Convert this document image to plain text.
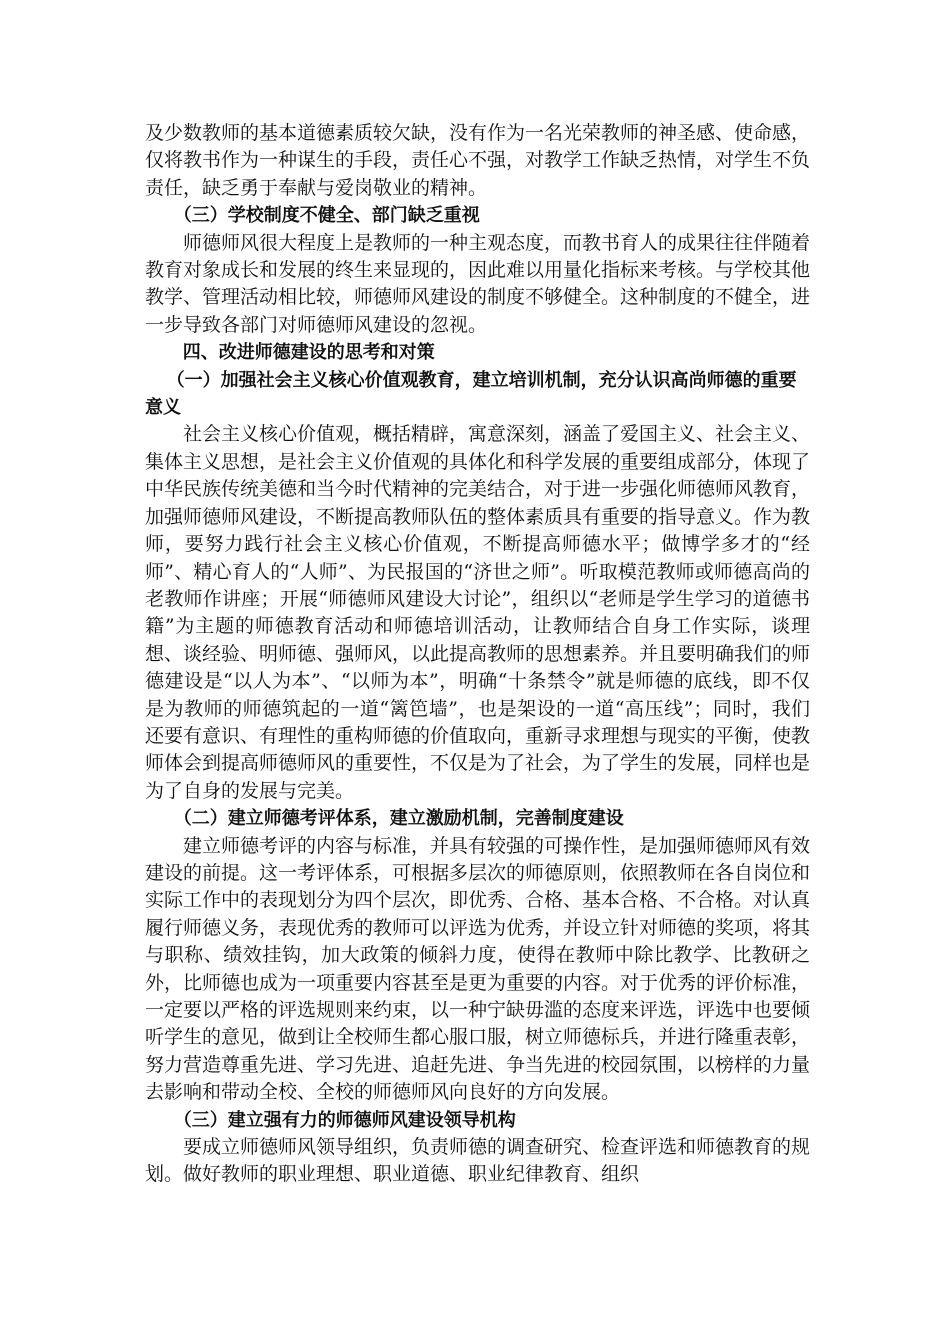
及少数教师的基本道德素质较欠缺，没有作为一名光荣教师的神圣感、使命感，仅将教书作为一种谋生的手段，责任心不强，对教学工作缺乏热情，对学生不负责任，缺乏勇于奉献与爱岗敬业的精神。

（三）学校制度不健全、部门缺乏重视

师德师风很大程度上是教师的一种主观态度，而教书育人的成果往往伴随着教育对象成长和发展的终生来显现的，因此难以用量化指标来考核。与学校其他教学、管理活动相比较，师德师风建设的制度不够健全。这种制度的不健全，进一步导致各部门对师德师风建设的忽视。

四、改进师德建设的思考和对策

（一）加强社会主义核心价值观教育，建立培训机制，充分认识高尚师德的重要意义

社会主义核心价值观，概括精辟，寓意深刻，涵盖了爱国主义、社会主义、集体主义思想，是社会主义价值观的具体化和科学发展的重要组成部分，体现了中华民族传统美德和当今时代精神的完美结合，对于进一步强化师德师风教育，加强师德师风建设，不断提高教师队伍的整体素质具有重要的指导意义。作为教师，要努力践行社会主义核心价值观，不断提高师德水平；做博学多才的“经师”、精心育人的“人师”、为民报国的“济世之师”。听取模范教师或师德高尚的老教师作讲座；开展“师德师风建设大讨论”，组织以“老师是学生学习的道德书籍”为主题的师德教育活动和师德培训活动，让教师结合自身工作实际，谈理想、谈经验、明师德、强师风，以此提高教师的思想素养。并且要明确我们的师德建设是“以人为本”、“以师为本”，明确“十条禁令”就是师德的底线，即不仅是为教师的师德筑起的一道“篱笆墙”，也是架设的一道“高压线”；同时，我们还要有意识、有理性的重构师德的价值取向，重新寻求理想与现实的平衡，使教师体会到提高师德师风的重要性，不仅是为了社会，为了学生的发展，同样也是为了自身的发展与完美。

（二）建立师德考评体系，建立激励机制，完善制度建设

建立师德考评的内容与标准，并具有较强的可操作性，是加强师德师风有效建设的前提。这一考评体系，可根据多层次的师德原则，依照教师在各自岗位和实际工作中的表现划分为四个层次，即优秀、合格、基本合格、不合格。对认真履行师德义务，表现优秀的教师可以评选为优秀，并设立针对师德的奖项，将其与职称、绩效挂钩，加大政策的倾斜力度，使得在教师中除比教学、比教研之外，比师德也成为一项重要内容甚至是更为重要的内容。对于优秀的评价标准，一定要以严格的评选规则来约束，以一种宁缺毋滥的态度来评选，评选中也要倾听学生的意见，做到让全校师生都心服口服，树立师德标兵，并进行隆重表彰，努力营造尊重先进、学习先进、追赶先进、争当先进的校园氛围，以榜样的力量去影响和带动全校、全校的师德师风向良好的方向发展。

（三）建立强有力的师德师风建设领导机构

要成立师德师风领导组织，负责师德的调查研究、检查评选和师德教育的规划。做好教师的职业理想、职业道德、职业纪律教育、组织
